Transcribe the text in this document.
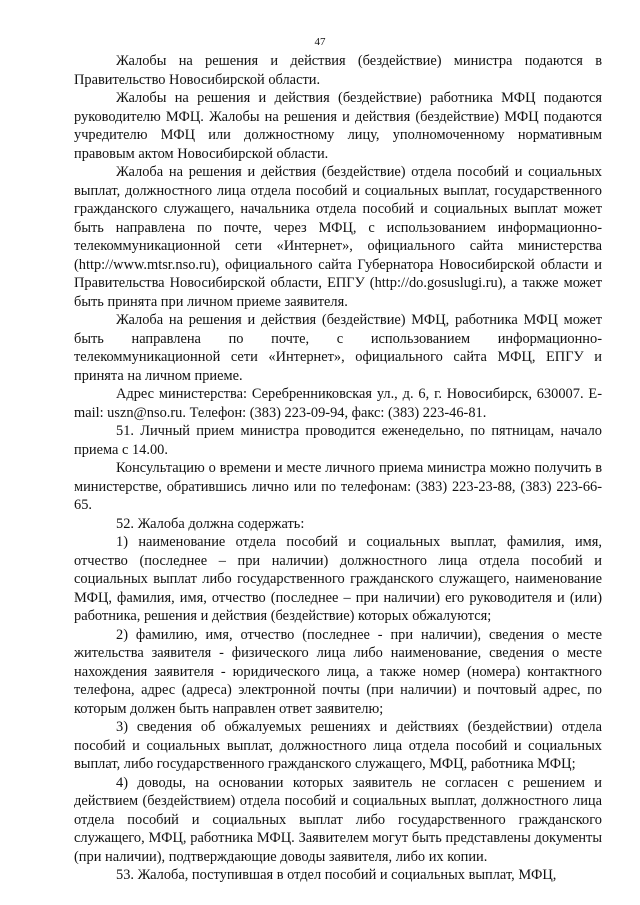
47

Жалобы на решения и действия (бездействие) министра подаются в Правительство Новосибирской области.

Жалобы на решения и действия (бездействие) работника МФЦ подаются руководителю МФЦ. Жалобы на решения и действия (бездействие) МФЦ подаются учредителю МФЦ или должностному лицу, уполномоченному нормативным правовым актом Новосибирской области.

Жалоба на решения и действия (бездействие) отдела пособий и социальных выплат, должностного лица отдела пособий и социальных выплат, государственного гражданского служащего, начальника отдела пособий и социальных выплат может быть направлена по почте, через МФЦ, с использованием информационно-телекоммуникационной сети «Интернет», официального сайта министерства (http://www.mtsr.nso.ru), официального сайта Губернатора Новосибирской области и Правительства Новосибирской области, ЕПГУ (http://do.gosuslugi.ru), а также может быть принята при личном приеме заявителя.

Жалоба на решения и действия (бездействие) МФЦ, работника МФЦ может быть направлена по почте, с использованием информационно-телекоммуникационной сети «Интернет», официального сайта МФЦ, ЕПГУ и принята на личном приеме.

Адрес министерства: Серебренниковская ул., д. 6, г. Новосибирск, 630007. E-mail: uszn@nso.ru. Телефон: (383) 223-09-94, факс: (383) 223-46-81.

51. Личный прием министра проводится еженедельно, по пятницам, начало приема с 14.00.

Консультацию о времени и месте личного приема министра можно получить в министерстве, обратившись лично или по телефонам: (383) 223-23-88, (383) 223-66-65.

52. Жалоба должна содержать:

1) наименование отдела пособий и социальных выплат, фамилия, имя, отчество (последнее – при наличии) должностного лица отдела пособий и социальных выплат либо государственного гражданского служащего, наименование МФЦ, фамилия, имя, отчество (последнее – при наличии) его руководителя и (или) работника, решения и действия (бездействие) которых обжалуются;

2) фамилию, имя, отчество (последнее - при наличии), сведения о месте жительства заявителя - физического лица либо наименование, сведения о месте нахождения заявителя - юридического лица, а также номер (номера) контактного телефона, адрес (адреса) электронной почты (при наличии) и почтовый адрес, по которым должен быть направлен ответ заявителю;

3) сведения об обжалуемых решениях и действиях (бездействии) отдела пособий и социальных выплат, должностного лица отдела пособий и социальных выплат, либо государственного гражданского служащего, МФЦ, работника МФЦ;

4) доводы, на основании которых заявитель не согласен с решением и действием (бездействием) отдела пособий и социальных выплат, должностного лица отдела пособий и социальных выплат либо государственного гражданского служащего, МФЦ, работника МФЦ. Заявителем могут быть представлены документы (при наличии), подтверждающие доводы заявителя, либо их копии.

53. Жалоба, поступившая в отдел пособий и социальных выплат, МФЦ,
